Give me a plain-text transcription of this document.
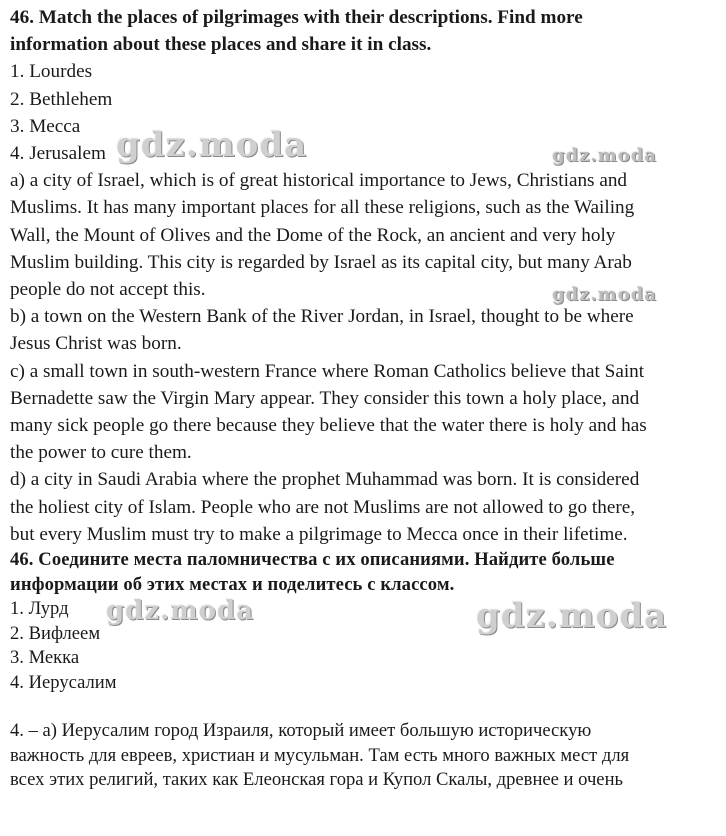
46. Match the places of pilgrimages with their descriptions. Find more
information about these places and share it in class.
1. Lourdes
2. Bethlehem
3. Mecca
4. Jerusalem
a) a city of Israel, which is of great historical importance to Jews, Christians and
Muslims. It has many important places for all these religions, such as the Wailing
Wall, the Mount of Olives and the Dome of the Rock, an ancient and very holy
Muslim building. This city is regarded by Israel as its capital city, but many Arab
people do not accept this.
b) a town on the Western Bank of the River Jordan, in Israel, thought to be where
Jesus Christ was born.
c) a small town in south-western France where Roman Catholics believe that Saint
Bernadette saw the Virgin Mary appear. They consider this town a holy place, and
many sick people go there because they believe that the water there is holy and has
the power to cure them.
d) a city in Saudi Arabia where the prophet Muhammad was born. It is considered
the holiest city of Islam. People who are not Muslims are not allowed to go there,
but every Muslim must try to make a pilgrimage to Mecca once in their lifetime.
46. Соедините места паломничества с их описаниями. Найдите больше
информации об этих местах и поделитесь с классом.
1. Лурд
2. Вифлеем
3. Мекка
4. Иерусалим
4. – a) Иерусалим город Израиля, который имеет большую историческую
важность для евреев, христиан и мусульман. Там есть много важных мест для
всех этих религий, таких как Елеонская гора и Купол Скалы, древнее и очень
gdz.moda	gdz.moda
gdz.moda
gdz.moda	gdz.moda
